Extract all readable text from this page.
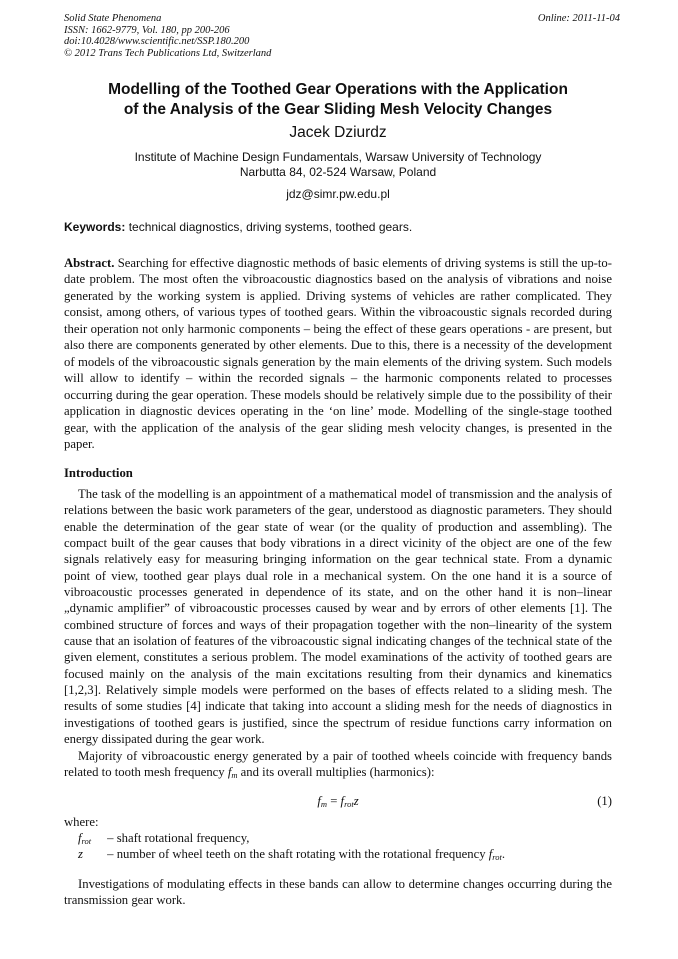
Solid State Phenomena
ISSN: 1662-9779, Vol. 180, pp 200-206
doi:10.4028/www.scientific.net/SSP.180.200
© 2012 Trans Tech Publications Ltd, Switzerland
Online: 2011-11-04
Modelling of the Toothed Gear Operations with the Application
of the Analysis of the Gear Sliding Mesh Velocity Changes
Jacek Dziurdz
Institute of Machine Design Fundamentals, Warsaw University of Technology
Narbutta 84, 02-524 Warsaw, Poland
jdz@simr.pw.edu.pl
Keywords: technical diagnostics, driving systems, toothed gears.
Abstract. Searching for effective diagnostic methods of basic elements of driving systems is still the up-to-date problem. The most often the vibroacoustic diagnostics based on the analysis of vibrations and noise generated by the working system is applied. Driving systems of vehicles are rather complicated. They consist, among others, of various types of toothed gears. Within the vibroacoustic signals recorded during their operation not only harmonic components – being the effect of these gears operations - are present, but also there are components generated by other elements. Due to this, there is a necessity of the development of models of the vibroacoustic signals generation by the main elements of the driving system. Such models will allow to identify – within the recorded signals – the harmonic components related to processes occurring during the gear operation. These models should be relatively simple due to the possibility of their application in diagnostic devices operating in the ‘on line’ mode. Modelling of the single-stage toothed gear, with the application of the analysis of the gear sliding mesh velocity changes, is presented in the paper.
Introduction

The task of the modelling is an appointment of a mathematical model of transmission and the analysis of relations between the basic work parameters of the gear, understood as diagnostic parameters. They should enable the determination of the gear state of wear (or the quality of production and assembling). The compact built of the gear causes that body vibrations in a direct vicinity of the object are one of the few signals relatively easy for measuring bringing information on the gear technical state. From a dynamic point of view, toothed gear plays dual role in a mechanical system. On the one hand it is a source of vibroacoustic processes generated in dependence of its state, and on the other hand it is non–linear „dynamic amplifier” of vibroacoustic processes caused by wear and by errors of other elements [1]. The combined structure of forces and ways of their propagation together with the non–linearity of the system cause that an isolation of features of the vibroacoustic signal indicating changes of the technical state of the given element, constitutes a serious problem. The model examinations of the activity of toothed gears are focused mainly on the analysis of the main excitations resulting from their dynamics and kinematics [1,2,3]. Relatively simple models were performed on the bases of effects related to a sliding mesh. The results of some studies [4] indicate that taking into account a sliding mesh for the needs of diagnostics in investigations of toothed gears is justified, since the spectrum of residue functions carry information on energy dissipated during the gear work.

Majority of vibroacoustic energy generated by a pair of toothed wheels coincide with frequency bands related to tooth mesh frequency $f_m$ and its overall multiplies (harmonics):

$f_m = f_{rot}z$	(1)
where:
$f_{rot}$ – shaft rotational frequency,
z – number of wheel teeth on the shaft rotating with the rotational frequency $f_{rot}$.

Investigations of modulating effects in these bands can allow to determine changes occurring during the transmission gear work.
